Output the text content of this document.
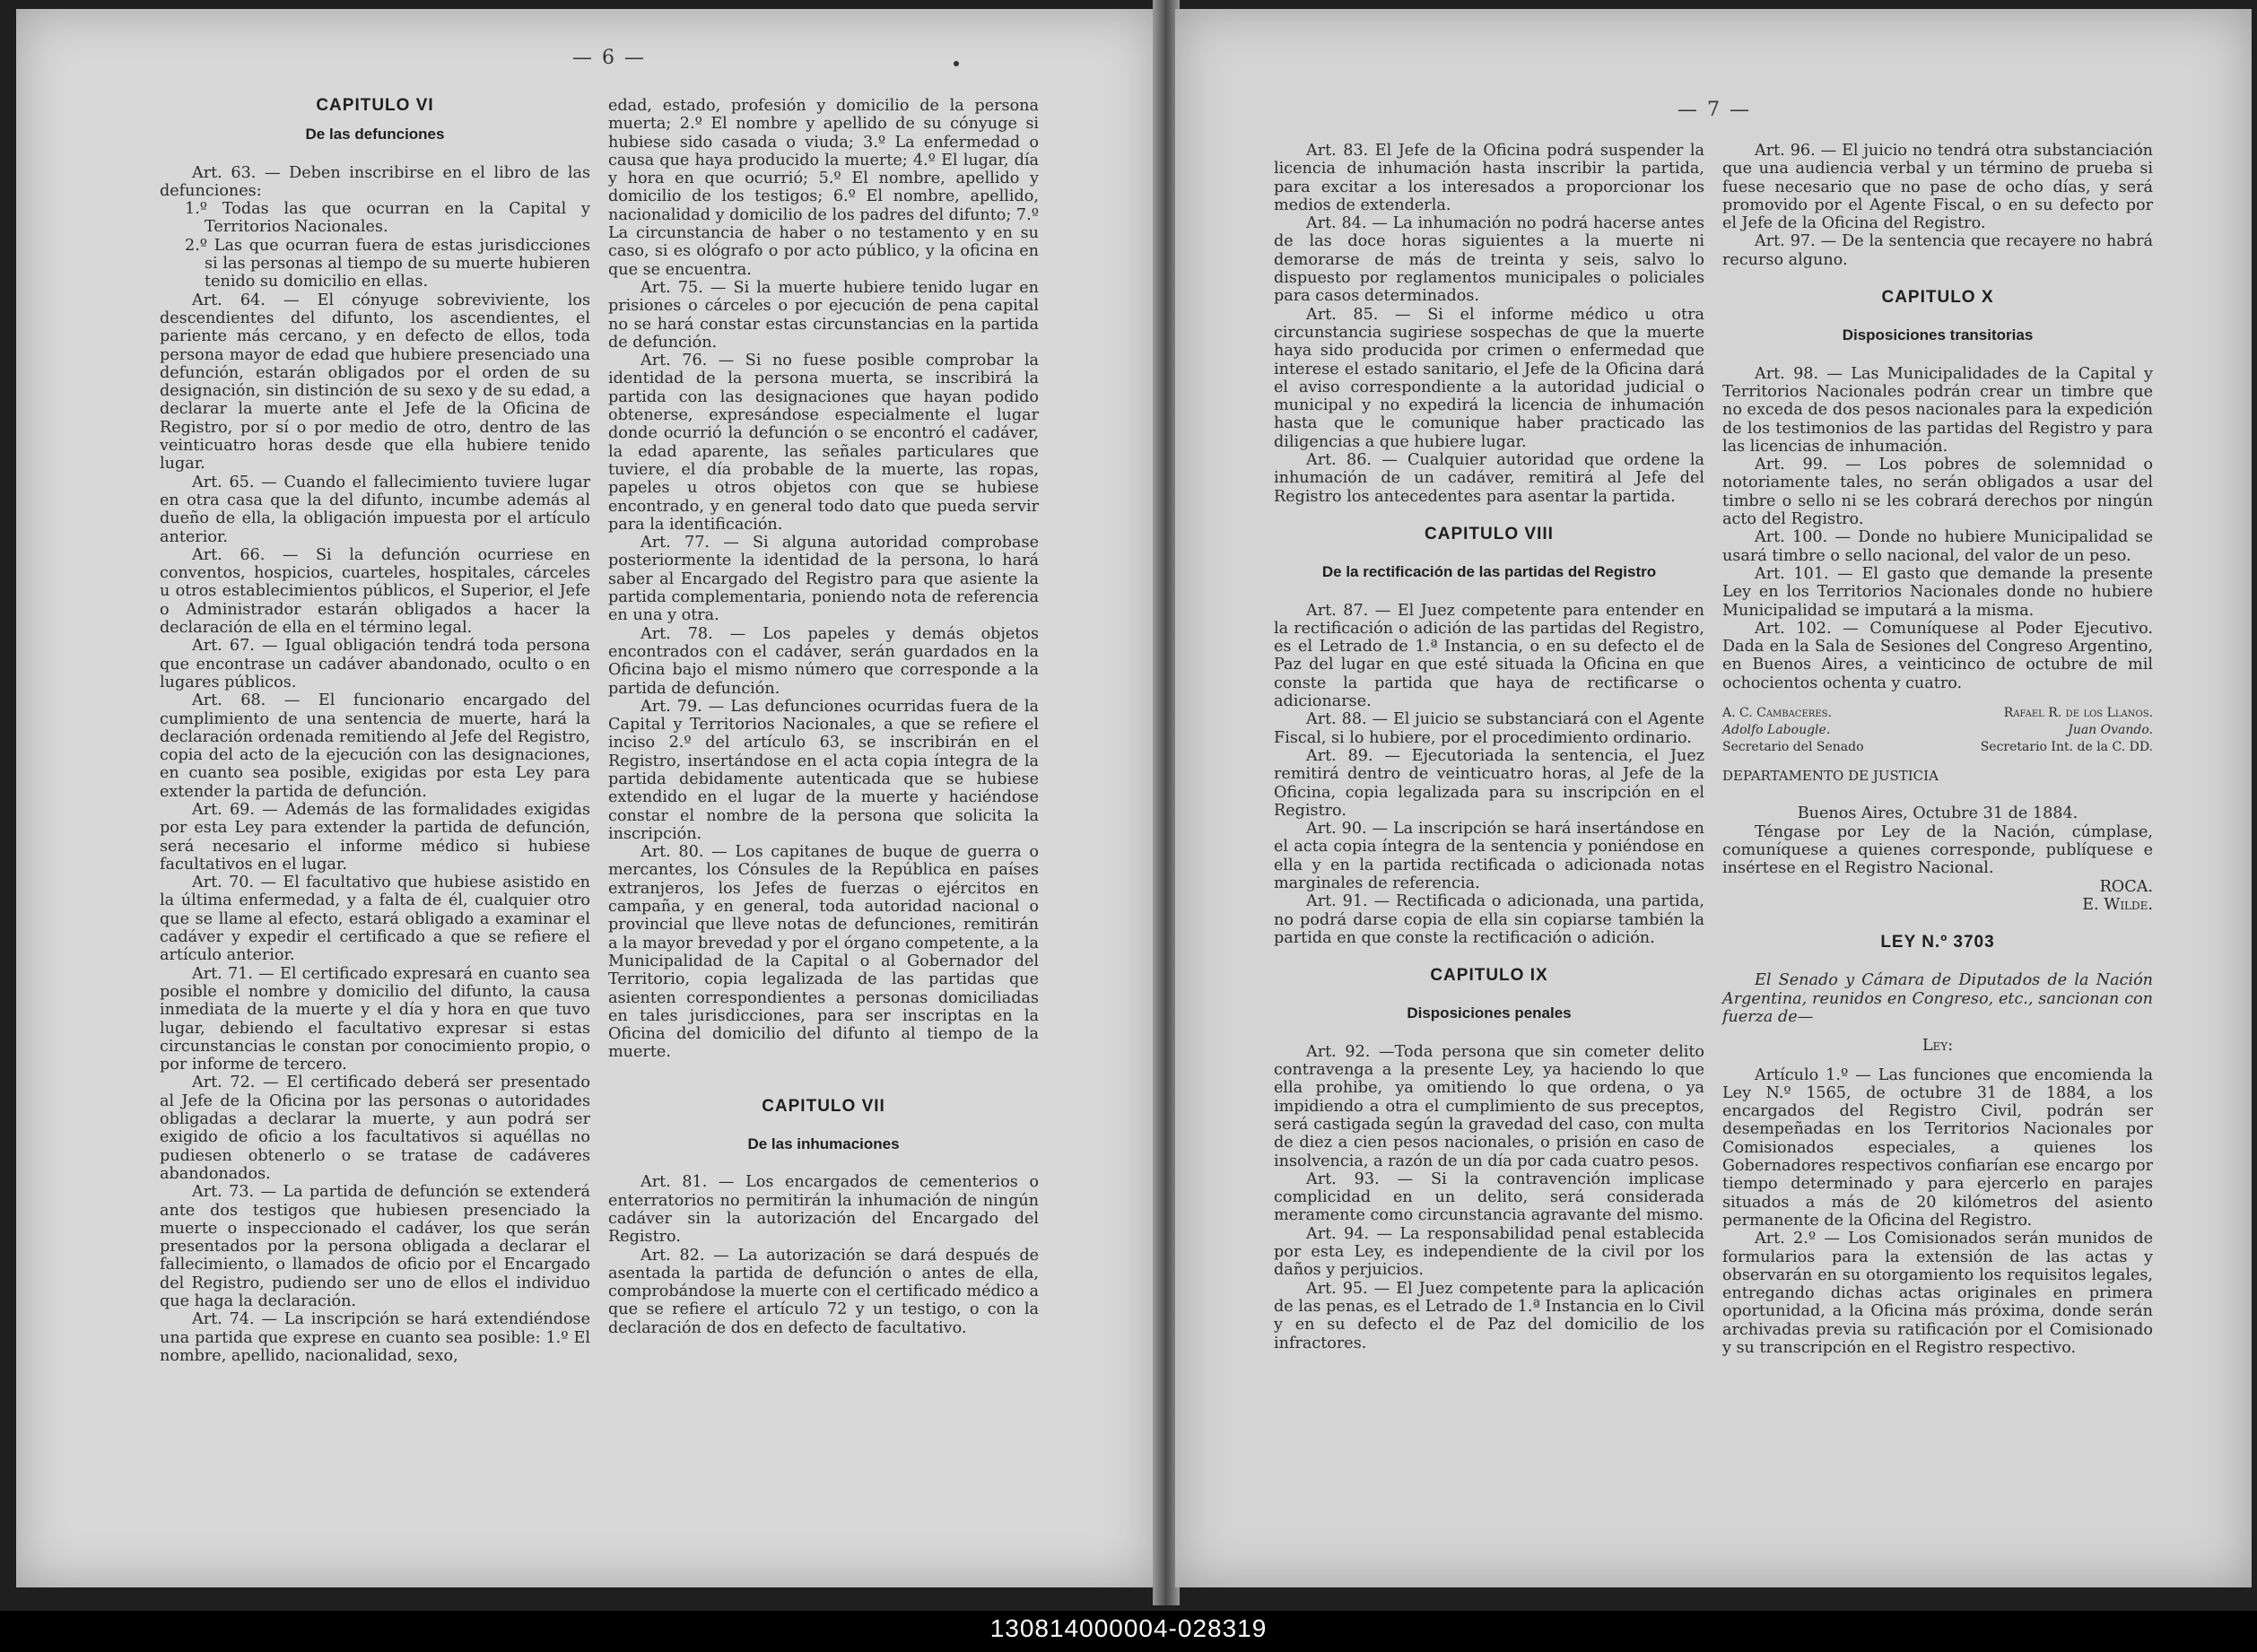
— 6 —
CAPITULO VI
De las defunciones

Art. 63. — Deben inscribirse en el libro de las defunciones:

1.º Todas las que ocurran en la Capital y Territorios Nacionales.

2.º Las que ocurran fuera de estas jurisdicciones si las personas al tiempo de su muerte hubieren tenido su domicilio en ellas.

Art. 64. — El cónyuge sobreviviente, los descendientes del difunto, los ascendientes, el pariente más cercano, y en defecto de ellos, toda persona mayor de edad que hubiere presenciado una defunción, estarán obligados por el orden de su designación, sin distinción de su sexo y de su edad, a declarar la muerte ante el Jefe de la Oficina de Registro, por sí o por medio de otro, dentro de las veinticuatro horas desde que ella hubiere tenido lugar.

Art. 65. — Cuando el fallecimiento tuviere lugar en otra casa que la del difunto, incumbe además al dueño de ella, la obligación impuesta por el artículo anterior.

Art. 66. — Si la defunción ocurriese en conventos, hospicios, cuarteles, hospitales, cárceles u otros establecimientos públicos, el Superior, el Jefe o Administrador estarán obligados a hacer la declaración de ella en el término legal.

Art. 67. — Igual obligación tendrá toda persona que encontrase un cadáver abandonado, oculto o en lugares públicos.

Art. 68. — El funcionario encargado del cumplimiento de una sentencia de muerte, hará la declaración ordenada remitiendo al Jefe del Registro, copia del acto de la ejecución con las designaciones, en cuanto sea posible, exigidas por esta Ley para extender la partida de defunción.

Art. 69. — Además de las formalidades exigidas por esta Ley para extender la partida de defunción, será necesario el informe médico si hubiese facultativos en el lugar.

Art. 70. — El facultativo que hubiese asistido en la última enfermedad, y a falta de él, cualquier otro que se llame al efecto, estará obligado a examinar el cadáver y expedir el certificado a que se refiere el artículo anterior.

Art. 71. — El certificado expresará en cuanto sea posible el nombre y domicilio del difunto, la causa inmediata de la muerte y el día y hora en que tuvo lugar, debiendo el facultativo expresar si estas circunstancias le constan por conocimiento propio, o por informe de tercero.

Art. 72. — El certificado deberá ser presentado al Jefe de la Oficina por las personas o autoridades obligadas a declarar la muerte, y aun podrá ser exigido de oficio a los facultativos si aquéllas no pudiesen obtenerlo o se tratase de cadáveres abandonados.

Art. 73. — La partida de defunción se extenderá ante dos testigos que hubiesen presenciado la muerte o inspeccionado el cadáver, los que serán presentados por la persona obligada a declarar el fallecimiento, o llamados de oficio por el Encargado del Registro, pudiendo ser uno de ellos el individuo que haga la declaración.

Art. 74. — La inscripción se hará extendiéndose una partida que exprese en cuanto sea posible: 1.º El nombre, apellido, nacionalidad, sexo,

edad, estado, profesión y domicilio de la persona muerta; 2.º El nombre y apellido de su cónyuge si hubiese sido casada o viuda; 3.º La enfermedad o causa que haya producido la muerte; 4.º El lugar, día y hora en que ocurrió; 5.º El nombre, apellido y domicilio de los testigos; 6.º El nombre, apellido, nacionalidad y domicilio de los padres del difunto; 7.º La circunstancia de haber o no testamento y en su caso, si es ológrafo o por acto público, y la oficina en que se encuentra.

Art. 75. — Si la muerte hubiere tenido lugar en prisiones o cárceles o por ejecución de pena capital no se hará constar estas circunstancias en la partida de defunción.

Art. 76. — Si no fuese posible comprobar la identidad de la persona muerta, se inscribirá la partida con las designaciones que hayan podido obtenerse, expresándose especialmente el lugar donde ocurrió la defunción o se encontró el cadáver, la edad aparente, las señales particulares que tuviere, el día probable de la muerte, las ropas, papeles u otros objetos con que se hubiese encontrado, y en general todo dato que pueda servir para la identificación.

Art. 77. — Si alguna autoridad comprobase posteriormente la identidad de la persona, lo hará saber al Encargado del Registro para que asiente la partida complementaria, poniendo nota de referencia en una y otra.

Art. 78. — Los papeles y demás objetos encontrados con el cadáver, serán guardados en la Oficina bajo el mismo número que corresponde a la partida de defunción.

Art. 79. — Las defunciones ocurridas fuera de la Capital y Territorios Nacionales, a que se refiere el inciso 2.º del artículo 63, se inscribirán en el Registro, insertándose en el acta copia íntegra de la partida debidamente autenticada que se hubiese extendido en el lugar de la muerte y haciéndose constar el nombre de la persona que solicita la inscripción.

Art. 80. — Los capitanes de buque de guerra o mercantes, los Cónsules de la República en países extranjeros, los Jefes de fuerzas o ejércitos en campaña, y en general, toda autoridad nacional o provincial que lleve notas de defunciones, remitirán a la mayor brevedad y por el órgano competente, a la Municipalidad de la Capital o al Gobernador del Territorio, copia legalizada de las partidas que asienten correspondientes a personas domiciliadas en tales jurisdicciones, para ser inscriptas en la Oficina del domicilio del difunto al tiempo de la muerte.

CAPITULO VII
De las inhumaciones

Art. 81. — Los encargados de cementerios o enterratorios no permitirán la inhumación de ningún cadáver sin la autorización del Encargado del Registro.

Art. 82. — La autorización se dará después de asentada la partida de defunción o antes de ella, comprobándose la muerte con el certificado médico a que se refiere el artículo 72 y un testigo, o con la declaración de dos en defecto de facultativo.

— 7 —

Art. 83. El Jefe de la Oficina podrá suspender la licencia de inhumación hasta inscribir la partida, para excitar a los interesados a proporcionar los medios de extenderla.

Art. 84. — La inhumación no podrá hacerse antes de las doce horas siguientes a la muerte ni demorarse de más de treinta y seis, salvo lo dispuesto por reglamentos municipales o policiales para casos determinados.

Art. 85. — Si el informe médico u otra circunstancia sugiriese sospechas de que la muerte haya sido producida por crimen o enfermedad que interese el estado sanitario, el Jefe de la Oficina dará el aviso correspondiente a la autoridad judicial o municipal y no expedirá la licencia de inhumación hasta que le comunique haber practicado las diligencias a que hubiere lugar.

Art. 86. — Cualquier autoridad que ordene la inhumación de un cadáver, remitirá al Jefe del Registro los antecedentes para asentar la partida.

CAPITULO VIII
De la rectificación de las partidas del Registro

Art. 87. — El Juez competente para entender en la rectificación o adición de las partidas del Registro, es el Letrado de 1.ª Instancia, o en su defecto el de Paz del lugar en que esté situada la Oficina en que conste la partida que haya de rectificarse o adicionarse.

Art. 88. — El juicio se substanciará con el Agente Fiscal, si lo hubiere, por el procedimiento ordinario.

Art. 89. — Ejecutoriada la sentencia, el Juez remitirá dentro de veinticuatro horas, al Jefe de la Oficina, copia legalizada para su inscripción en el Registro.

Art. 90. — La inscripción se hará insertándose en el acta copia íntegra de la sentencia y poniéndose en ella y en la partida rectificada o adicionada notas marginales de referencia.

Art. 91. — Rectificada o adicionada, una partida, no podrá darse copia de ella sin copiarse también la partida en que conste la rectificación o adición.

CAPITULO IX
Disposiciones penales

Art. 92. —Toda persona que sin cometer delito contravenga a la presente Ley, ya haciendo lo que ella prohibe, ya omitiendo lo que ordena, o ya impidiendo a otra el cumplimiento de sus preceptos, será castigada según la gravedad del caso, con multa de diez a cien pesos nacionales, o prisión en caso de insolvencia, a razón de un día por cada cuatro pesos.

Art. 93. — Si la contravención implicase complicidad en un delito, será considerada meramente como circunstancia agravante del mismo.

Art. 94. — La responsabilidad penal establecida por esta Ley, es independiente de la civil por los daños y perjuicios.

Art. 95. — El Juez competente para la aplicación de las penas, es el Letrado de 1.ª Instancia en lo Civil y en su defecto el de Paz del domicilio de los infractores.

Art. 96. — El juicio no tendrá otra substanciación que una audiencia verbal y un término de prueba si fuese necesario que no pase de ocho días, y será promovido por el Agente Fiscal, o en su defecto por el Jefe de la Oficina del Registro.

Art. 97. — De la sentencia que recayere no habrá recurso alguno.

CAPITULO X
Disposiciones transitorias

Art. 98. — Las Municipalidades de la Capital y Territorios Nacionales podrán crear un timbre que no exceda de dos pesos nacionales para la expedición de los testimonios de las partidas del Registro y para las licencias de inhumación.

Art. 99. — Los pobres de solemnidad o notoriamente tales, no serán obligados a usar del timbre o sello ni se les cobrará derechos por ningún acto del Registro.

Art. 100. — Donde no hubiere Municipalidad se usará timbre o sello nacional, del valor de un peso.

Art. 101. — El gasto que demande la presente Ley en los Territorios Nacionales donde no hubiere Municipalidad se imputará a la misma.

Art. 102. — Comuníquese al Poder Ejecutivo. Dada en la Sala de Sesiones del Congreso Argentino, en Buenos Aires, a veinticinco de octubre de mil ochocientos ochenta y cuatro.

A. C. Cambaceres.
Adolfo Labougle.
Secretario del Senado
Rafael R. de los Llanos.
Juan Ovando.
Secretario Int. de la C. DD.

DEPARTAMENTO DE JUSTICIA

Buenos Aires, Octubre 31 de 1884.

Téngase por Ley de la Nación, cúmplase, comuníquese a quienes corresponde, publíquese e insértese en el Registro Nacional.

ROCA.

E. Wilde.

LEY N.º 3703

El Senado y Cámara de Diputados de la Nación Argentina, reunidos en Congreso, etc., sancionan con fuerza de—

Ley:

Artículo 1.º — Las funciones que encomienda la Ley N.º 1565, de octubre 31 de 1884, a los encargados del Registro Civil, podrán ser desempeñadas en los Territorios Nacionales por Comisionados especiales, a quienes los Gobernadores respectivos confiarían ese encargo por tiempo determinado y para ejercerlo en parajes situados a más de 20 kilómetros del asiento permanente de la Oficina del Registro.

Art. 2.º — Los Comisionados serán munidos de formularios para la extensión de las actas y observarán en su otorgamiento los requisitos legales, entregando dichas actas originales en primera oportunidad, a la Oficina más próxima, donde serán archivadas previa su ratificación por el Comisionado y su transcripción en el Registro respectivo.

130814000004-028319
